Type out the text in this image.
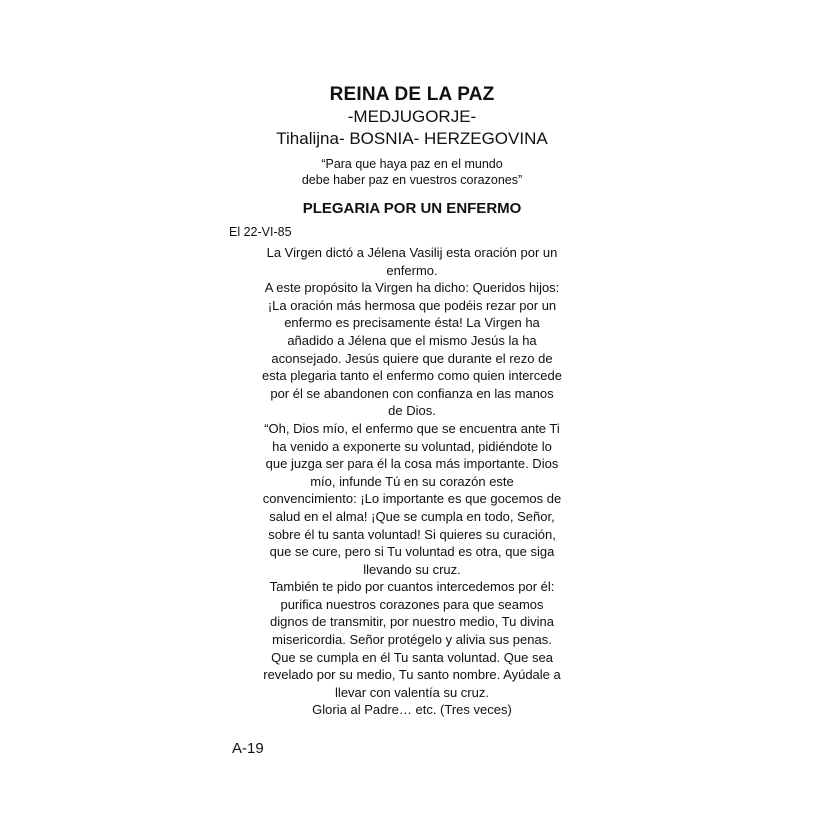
REINA DE LA PAZ

-MEDJUGORJE-

Tihalijna- BOSNIA- HERZEGOVINA

“Para que haya paz en el mundo
debe haber paz en vuestros corazones”

PLEGARIA POR UN ENFERMO

El 22-VI-85

La Virgen dictó a Jélena Vasilij esta oración por un
enfermo.
A este propósito la Virgen ha dicho: Queridos hijos:
¡La oración más hermosa que podéis rezar por un
enfermo es precisamente ésta! La Virgen ha
añadido a Jélena que el mismo Jesús la ha
aconsejado. Jesús quiere que durante el rezo de
esta plegaria tanto el enfermo como quien intercede
por él se abandonen con confianza en las manos
de Dios.
“Oh, Dios mío, el enfermo que se encuentra ante Ti
ha venido a exponerte su voluntad, pidiéndote lo
que juzga ser para él la cosa más importante. Dios
mío, infunde Tú en su corazón este
convencimiento: ¡Lo importante es que gocemos de
salud en el alma! ¡Que se cumpla en todo, Señor,
sobre él tu santa voluntad! Si quieres su curación,
que se cure, pero si Tu voluntad es otra, que siga
llevando su cruz.
También te pido por cuantos intercedemos por él:
purifica nuestros corazones para que seamos
dignos de transmitir, por nuestro medio, Tu divina
misericordia. Señor protégelo y alivia sus penas.
Que se cumpla en él Tu santa voluntad. Que sea
revelado por su medio, Tu santo nombre. Ayúdale a
llevar con valentía su cruz.
Gloria al Padre… etc. (Tres veces)
A-19
